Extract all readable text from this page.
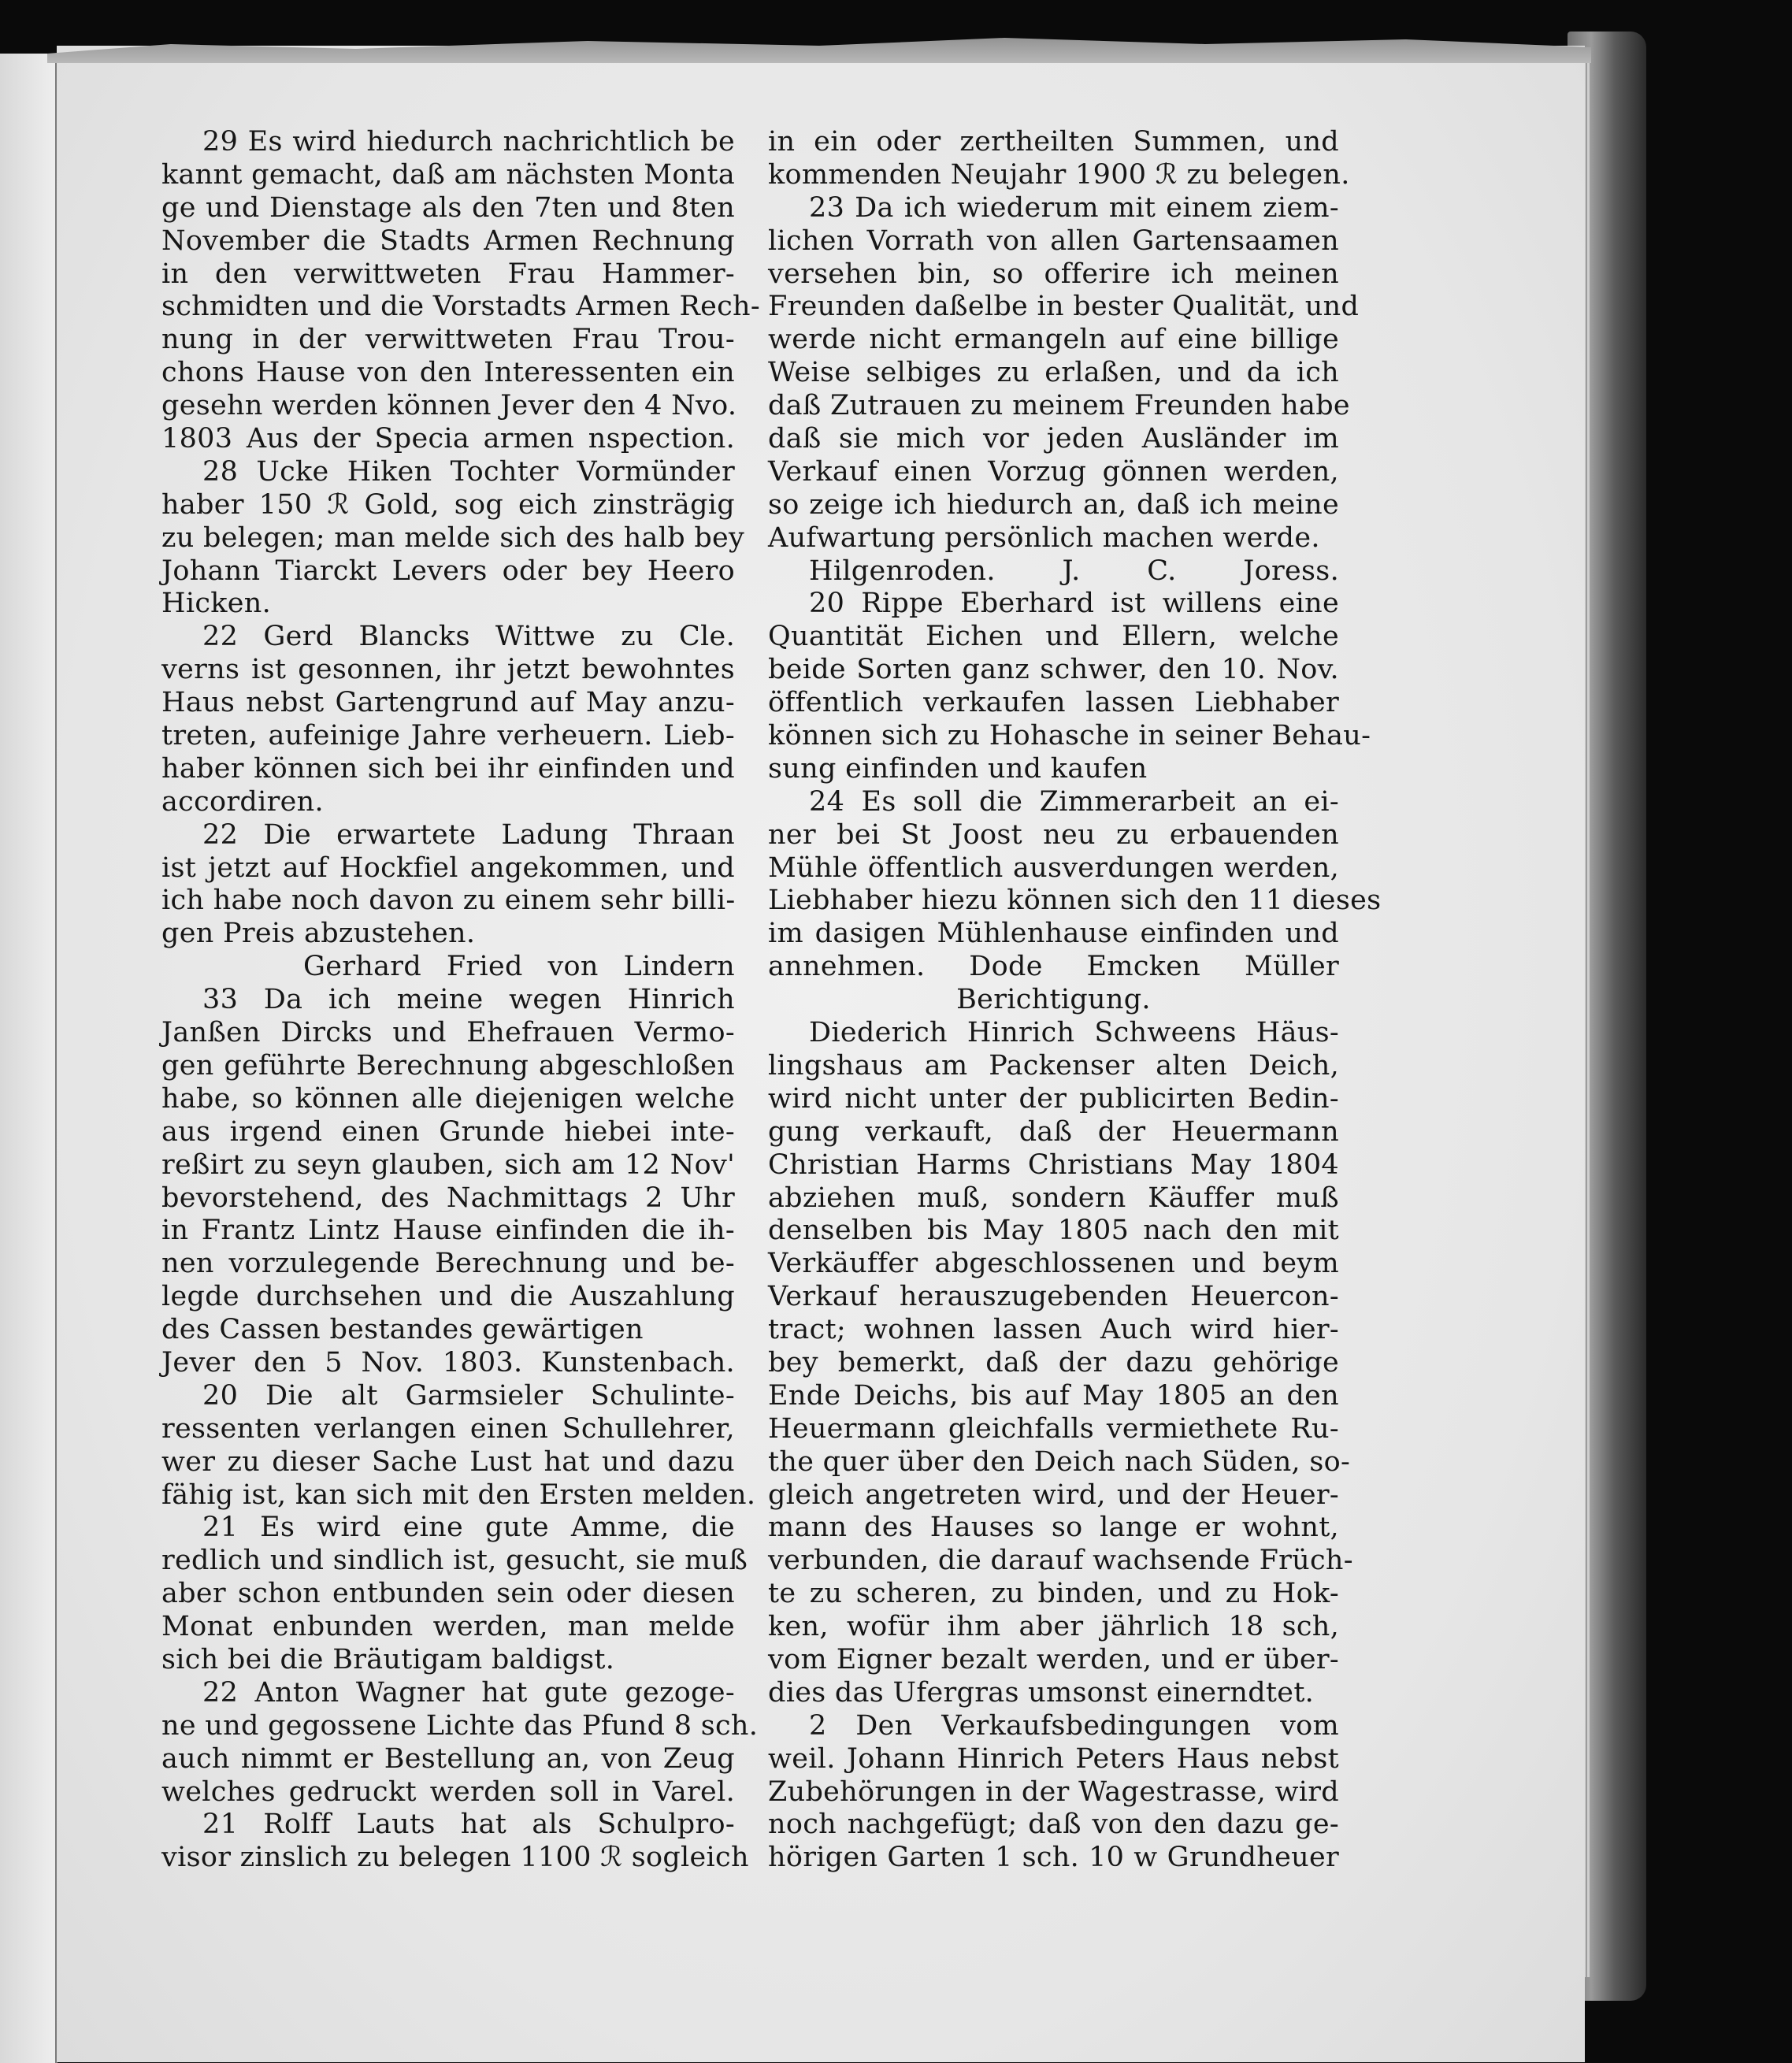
29 Es wird hiedurch nachrichtlich be
kannt gemacht, daß am nächsten Monta
ge und Dienstage als den 7ten und 8ten
November die Stadts Armen Rechnung
in den verwittweten Frau Hammer-
schmidten und die Vorstadts Armen Rech-
nung in der verwittweten Frau Trou-
chons Hause von den Interessenten ein
gesehn werden können Jever den 4 Nvo.
1803 Aus der Specia armen nspection.
28 Ucke Hiken Tochter Vormünder
haber 150 ℛ Gold, sog eich zinsträgig
zu belegen; man melde sich des halb bey
Johann Tiarckt Levers oder bey Heero
Hicken.
22 Gerd Blancks Wittwe zu Cle.
verns ist gesonnen, ihr jetzt bewohntes
Haus nebst Gartengrund auf May anzu-
treten, aufeinige Jahre verheuern. Lieb-
haber können sich bei ihr einfinden und
accordiren.
22 Die erwartete Ladung Thraan
ist jetzt auf Hockfiel angekommen, und
ich habe noch davon zu einem sehr billi-
gen Preis abzustehen.
Gerhard Fried von Lindern
33 Da ich meine wegen Hinrich
Janßen Dircks und Ehefrauen Vermo-
gen geführte Berechnung abgeschloßen
habe, so können alle diejenigen welche
aus irgend einen Grunde hiebei inte-
reßirt zu seyn glauben, sich am 12 Nov'
bevorstehend, des Nachmittags 2 Uhr
in Frantz Lintz Hause einfinden die ih-
nen vorzulegende Berechnung und be-
legde durchsehen und die Auszahlung
des Cassen bestandes gewärtigen
Jever den 5 Nov. 1803. Kunstenbach.
20 Die alt Garmsieler Schulinte-
ressenten verlangen einen Schullehrer,
wer zu dieser Sache Lust hat und dazu
fähig ist, kan sich mit den Ersten melden.
21 Es wird eine gute Amme, die
redlich und sindlich ist, gesucht, sie muß
aber schon entbunden sein oder diesen
Monat enbunden werden, man melde
sich bei die Bräutigam baldigst.
22 Anton Wagner hat gute gezoge-
ne und gegossene Lichte das Pfund 8 sch.
auch nimmt er Bestellung an, von Zeug
welches gedruckt werden soll in Varel.
21 Rolff Lauts hat als Schulpro-
visor zinslich zu belegen 1100 ℛ sogleich
in ein oder zertheilten Summen, und
kommenden Neujahr 1900 ℛ zu belegen.
23 Da ich wiederum mit einem ziem-
lichen Vorrath von allen Gartensaamen
versehen bin, so offerire ich meinen
Freunden daßelbe in bester Qualität, und
werde nicht ermangeln auf eine billige
Weise selbiges zu erlaßen, und da ich
daß Zutrauen zu meinem Freunden habe
daß sie mich vor jeden Ausländer im
Verkauf einen Vorzug gönnen werden,
so zeige ich hiedurch an, daß ich meine
Aufwartung persönlich machen werde.
Hilgenroden. J. C. Joress.
20 Rippe Eberhard ist willens eine
Quantität Eichen und Ellern, welche
beide Sorten ganz schwer, den 10. Nov.
öffentlich verkaufen lassen Liebhaber
können sich zu Hohasche in seiner Behau-
sung einfinden und kaufen
24 Es soll die Zimmerarbeit an ei-
ner bei St Joost neu zu erbauenden
Mühle öffentlich ausverdungen werden,
Liebhaber hiezu können sich den 11 dieses
im dasigen Mühlenhause einfinden und
annehmen. Dode Emcken Müller
Berichtigung.
Diederich Hinrich Schweens Häus-
lingshaus am Packenser alten Deich,
wird nicht unter der publicirten Bedin-
gung verkauft, daß der Heuermann
Christian Harms Christians May 1804
abziehen muß, sondern Käuffer muß
denselben bis May 1805 nach den mit
Verkäuffer abgeschlossenen und beym
Verkauf herauszugebenden Heuercon-
tract; wohnen lassen Auch wird hier-
bey bemerkt, daß der dazu gehörige
Ende Deichs, bis auf May 1805 an den
Heuermann gleichfalls vermiethete Ru-
the quer über den Deich nach Süden, so-
gleich angetreten wird, und der Heuer-
mann des Hauses so lange er wohnt,
verbunden, die darauf wachsende Früch-
te zu scheren, zu binden, und zu Hok-
ken, wofür ihm aber jährlich 18 sch,
vom Eigner bezalt werden, und er über-
dies das Ufergras umsonst einerndtet.
2 Den Verkaufsbedingungen vom
weil. Johann Hinrich Peters Haus nebst
Zubehörungen in der Wagestrasse, wird
noch nachgefügt; daß von den dazu ge-
hörigen Garten 1 sch. 10 w Grundheuer
